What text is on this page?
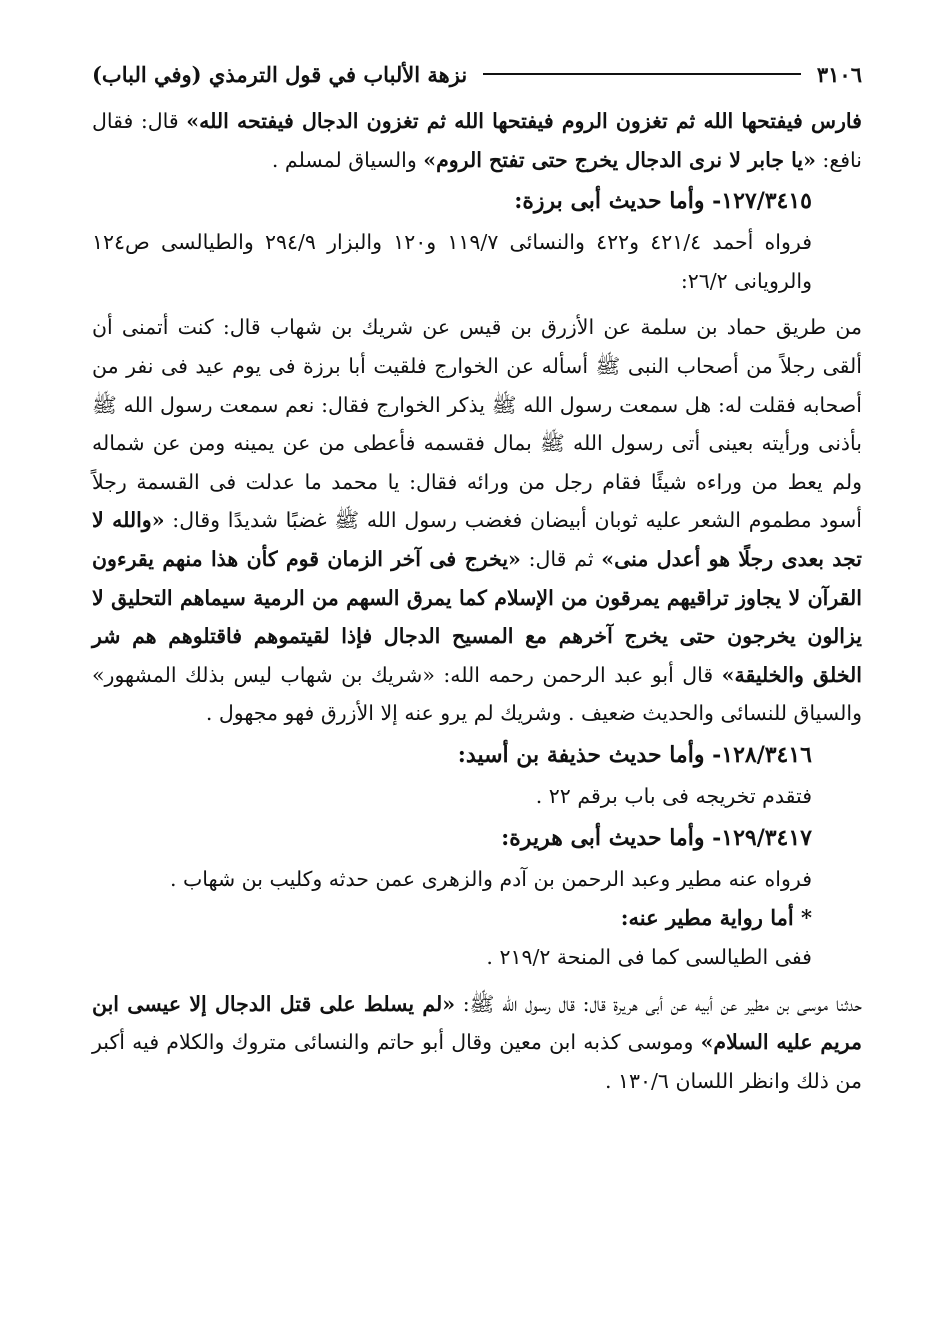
٣١٠٦
نزهة الألباب في قول الترمذي (وفي الباب)

فارس فيفتحها الله ثم تغزون الروم فيفتحها الله ثم تغزون الدجال فيفتحه الله» قال: فقال نافع: «يا جابر لا نرى الدجال يخرج حتى تفتح الروم» والسياق لمسلم .

١٢٧/٣٤١٥- وأما حديث أبى برزة:

فرواه أحمد ٤٢١/٤ و٤٢٢ والنسائى ١١٩/٧ و١٢٠ والبزار ٢٩٤/٩ والطيالسى ص١٢٤ والرويانى ٢٦/٢:

من طريق حماد بن سلمة عن الأزرق بن قيس عن شريك بن شهاب قال: كنت أتمنى أن ألقى رجلاً من أصحاب النبى ﷺ أسأله عن الخوارج فلقيت أبا برزة فى يوم عيد فى نفر من أصحابه فقلت له: هل سمعت رسول الله ﷺ يذكر الخوارج فقال: نعم سمعت رسول الله ﷺ بأذنى ورأيته بعينى أتى رسول الله ﷺ بمال فقسمه فأعطى من عن يمينه ومن عن شماله ولم يعط من وراءه شيئًا فقام رجل من ورائه فقال: يا محمد ما عدلت فى القسمة رجلاً أسود مطموم الشعر عليه ثوبان أبيضان فغضب رسول الله ﷺ غضبًا شديدًا وقال: «والله لا تجد بعدى رجلًا هو أعدل منى» ثم قال: «يخرج فى آخر الزمان قوم كأن هذا منهم يقرءون القرآن لا يجاوز تراقيهم يمرقون من الإسلام كما يمرق السهم من الرمية سيماهم التحليق لا يزالون يخرجون حتى يخرج آخرهم مع المسيح الدجال فإذا لقيتموهم فاقتلوهم هم شر الخلق والخليقة» قال أبو عبد الرحمن رحمه الله: «شريك بن شهاب ليس بذلك المشهور» والسياق للنسائى والحديث ضعيف . وشريك لم يرو عنه إلا الأزرق فهو مجهول .

١٢٨/٣٤١٦- وأما حديث حذيفة بن أسيد:

فتقدم تخريجه فى باب برقم ٢٢ .

١٢٩/٣٤١٧- وأما حديث أبى هريرة:

فرواه عنه مطير وعبد الرحمن بن آدم والزهرى عمن حدثه وكليب بن شهاب .

* أما رواية مطير عنه:

ففى الطيالسى كما فى المنحة ٢١٩/٢ .

حدثنا موسى بن مطير عن أبيه عن أبى هريرة قال: قال رسول الله ﷺ: «لم يسلط على قتل الدجال إلا عيسى ابن مريم عليه السلام» وموسى كذبه ابن معين وقال أبو حاتم والنسائى متروك والكلام فيه أكبر من ذلك وانظر اللسان ١٣٠/٦ .
